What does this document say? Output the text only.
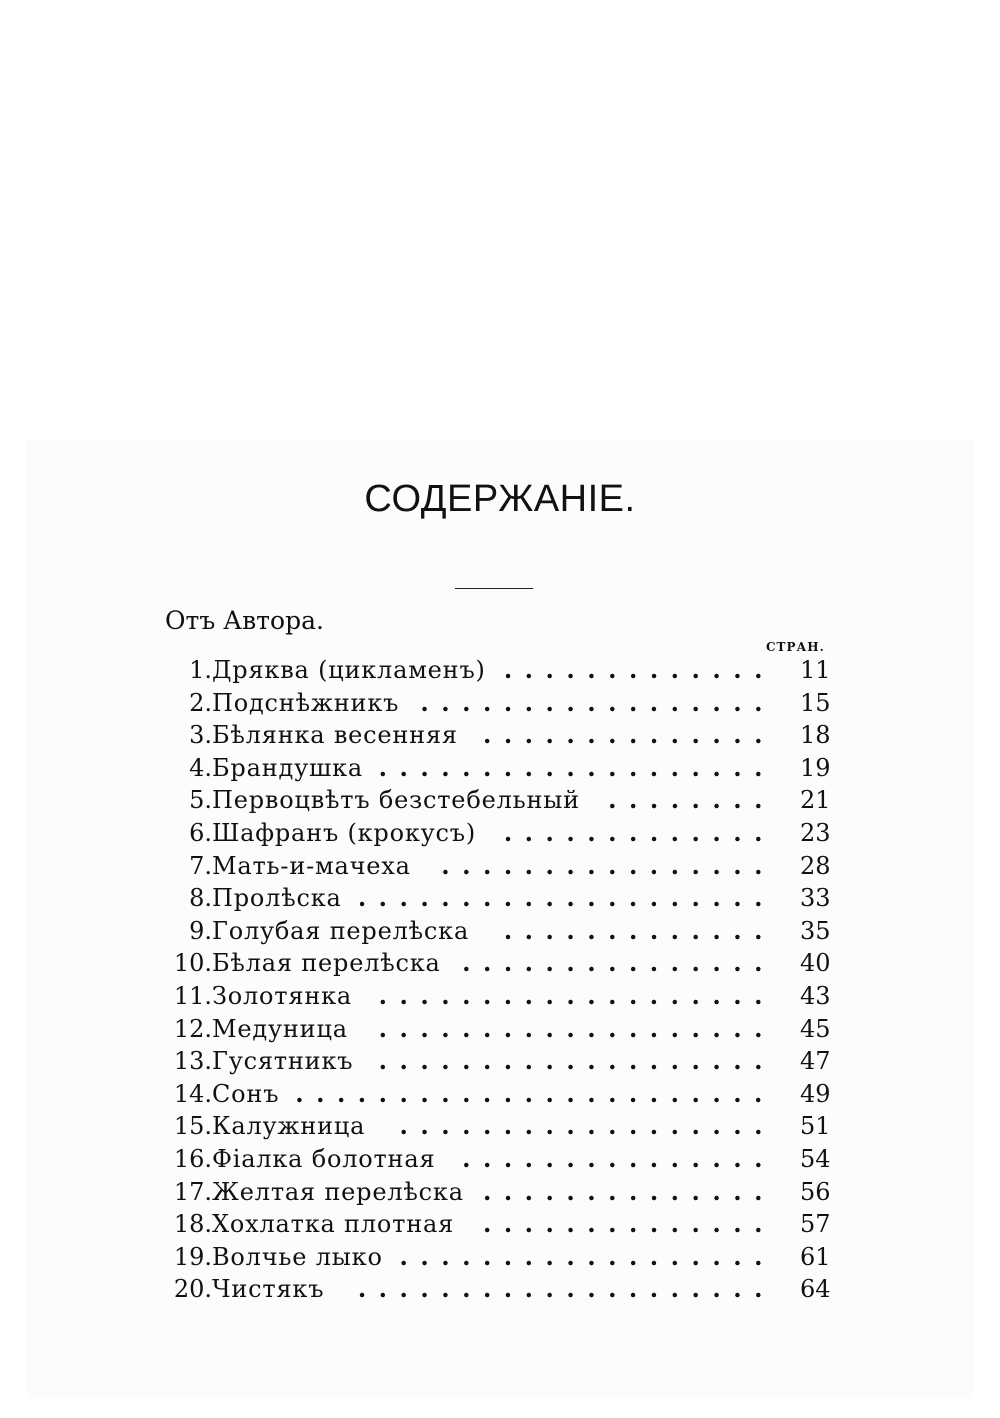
СОДЕРЖАНІЕ.
Отъ Автора.
СТРАН.
1. Дряква (цикламенъ)	11
.............
2. Подснѣжникъ	15
.................
3. Бѣлянка весенняя	18
..............
4. Брандушка	19
...................
5. Первоцвѣтъ безстебельный	21
........
6. Шафранъ (крокусъ)	23
.............
7. Мать-и-мачеха	28
................
8. Пролѣска	33
....................
9. Голубая перелѣска	35
.............
10. Бѣлая перелѣска	40
...............
11. Золотянка	43
...................
12. Медуница	45
...................
13. Гусятникъ	47
...................
14. Сонъ	49
.......................
15. Калужница	51
..................
16. Фіалка болотная	54
...............
17. Желтая перелѣска	56
..............
18. Хохлатка плотная	57
..............
19. Волчье лыко	61
..................
20. Чистякъ	64
....................
